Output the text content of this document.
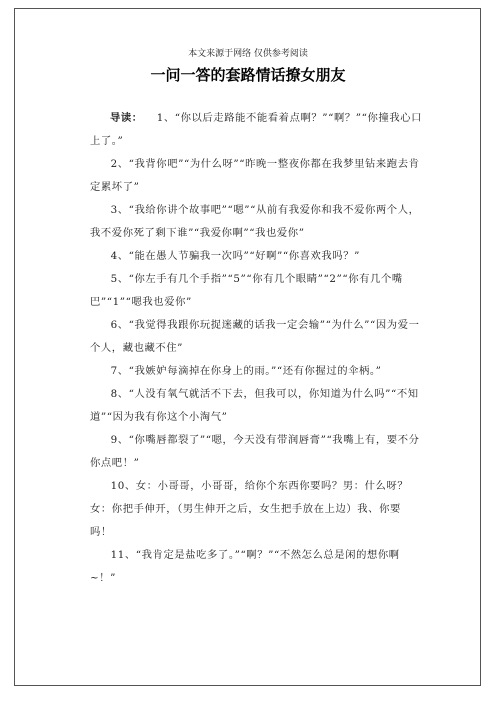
本文来源于网络 仅供参考阅读
一问一答的套路情话撩女朋友

导读： 1、“你以后走路能不能看着点啊？”“啊？”“你撞我心口上了。”

2、“我背你吧”“为什么呀”“昨晚一整夜你都在我梦里钻来跑去肯定累坏了”

3、“我给你讲个故事吧”“嗯”“从前有我爱你和我不爱你两个人，我不爱你死了剩下谁”“我爱你啊”“我也爱你”

4、“能在愚人节骗我一次吗”“好啊”“你喜欢我吗？”

5、“你左手有几个手指”“5”“你有几个眼睛”“2”“你有几个嘴巴”“1”“嗯我也爱你”

6、“我觉得我跟你玩捉迷藏的话我一定会输”“为什么”“因为爱一个人，藏也藏不住”

7、“我嫉妒每滴掉在你身上的雨。”“还有你握过的伞柄。”

8、“人没有氧气就活不下去，但我可以，你知道为什么吗”“不知道”“因为我有你这个小淘气”

9、“你嘴唇都裂了”“嗯，今天没有带润唇膏”“我嘴上有，要不分你点吧！”

10、女：小哥哥，小哥哥，给你个东西你要吗？男：什么呀？女：你把手伸开，（男生伸开之后，女生把手放在上边）我、你要吗！

11、“我肯定是盐吃多了。”“啊？”“不然怎么总是闲的想你啊~！”
